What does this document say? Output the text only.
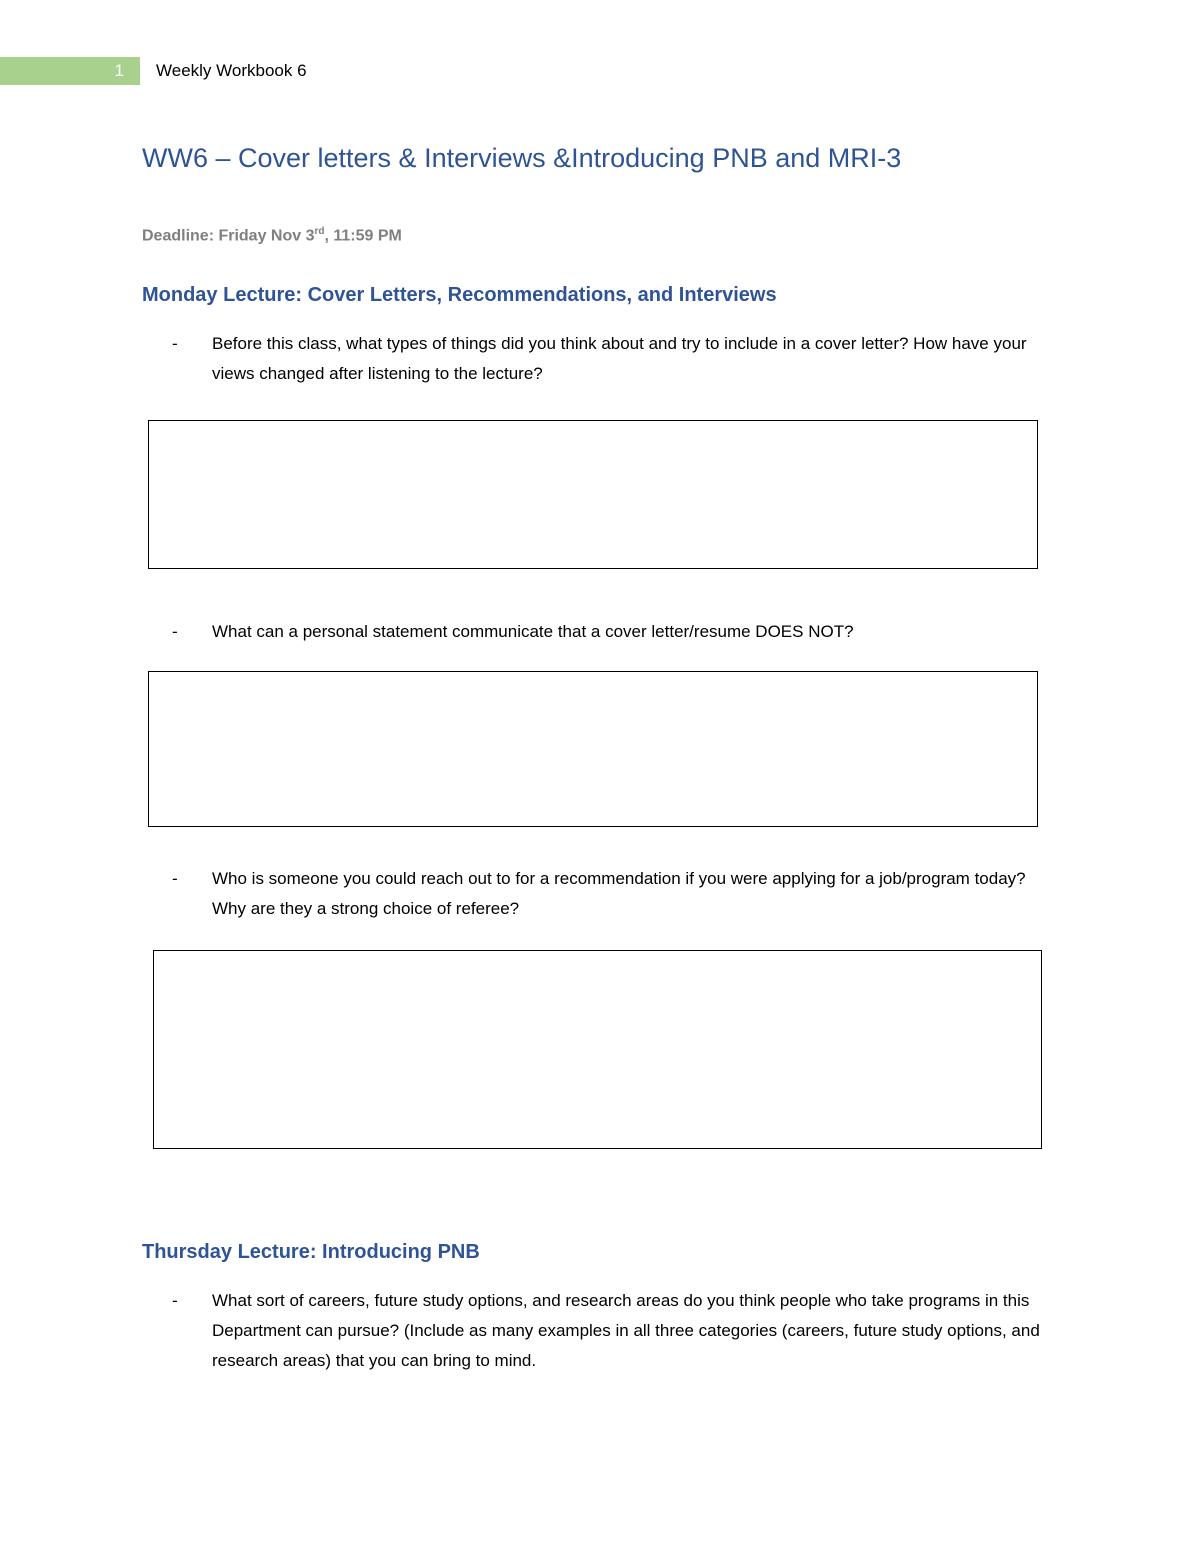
1	Weekly Workbook 6
WW6 – Cover letters & Interviews &Introducing PNB and MRI-3

Deadline: Friday Nov 3rd, 11:59 PM

Monday Lecture: Cover Letters, Recommendations, and Interviews
- Before this class, what types of things did you think about and try to include in a cover letter? How have your views changed after listening to the lecture?
- What can a personal statement communicate that a cover letter/resume DOES NOT?
- Who is someone you could reach out to for a recommendation if you were applying for a job/program today? Why are they a strong choice of referee?
Thursday Lecture: Introducing PNB
- What sort of careers, future study options, and research areas do you think people who take programs in this Department can pursue? (Include as many examples in all three categories (careers, future study options, and research areas) that you can bring to mind.
